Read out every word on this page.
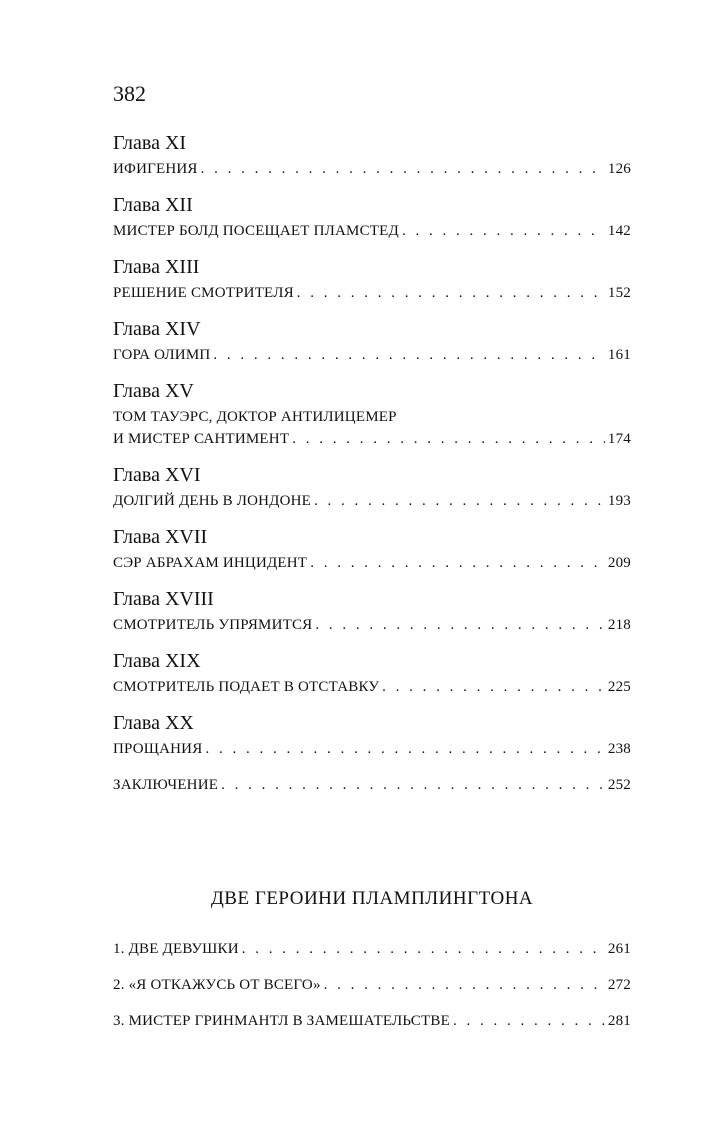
382
Глава XI
ИФИГЕНИЯ . . .	126
Глава XII
МИСТЕР БОЛД ПОСЕЩАЕТ ПЛАМСТЕД . . .	142
Глава XIII
РЕШЕНИЕ СМОТРИТЕЛЯ . . .	152
Глава XIV
ГОРА ОЛИМП . . .	161
Глава XV
ТОМ ТАУЭРС, ДОКТОР АНТИЛИЦЕМЕР
И МИСТЕР САНТИМЕНТ . . .	174
Глава XVI
ДОЛГИЙ ДЕНЬ В ЛОНДОНЕ . . .	193
Глава XVII
СЭР АБРАХАМ ИНЦИДЕНТ . . .	209
Глава XVIII
СМОТРИТЕЛЬ УПРЯМИТСЯ . . .	218
Глава XIX
СМОТРИТЕЛЬ ПОДАЕТ В ОТСТАВКУ . . .	225
Глава XX
ПРОЩАНИЯ . . .	238
ЗАКЛЮЧЕНИЕ . . .	252
ДВЕ ГЕРОИНИ ПЛАМПЛИНГТОНА
1. ДВЕ ДЕВУШКИ . . .	261
2. «Я ОТКАЖУСЬ ОТ ВСЕГО» . . .	272
3. МИСТЕР ГРИНМАНТЛ В ЗАМЕШАТЕЛЬСТВЕ . . .	281
